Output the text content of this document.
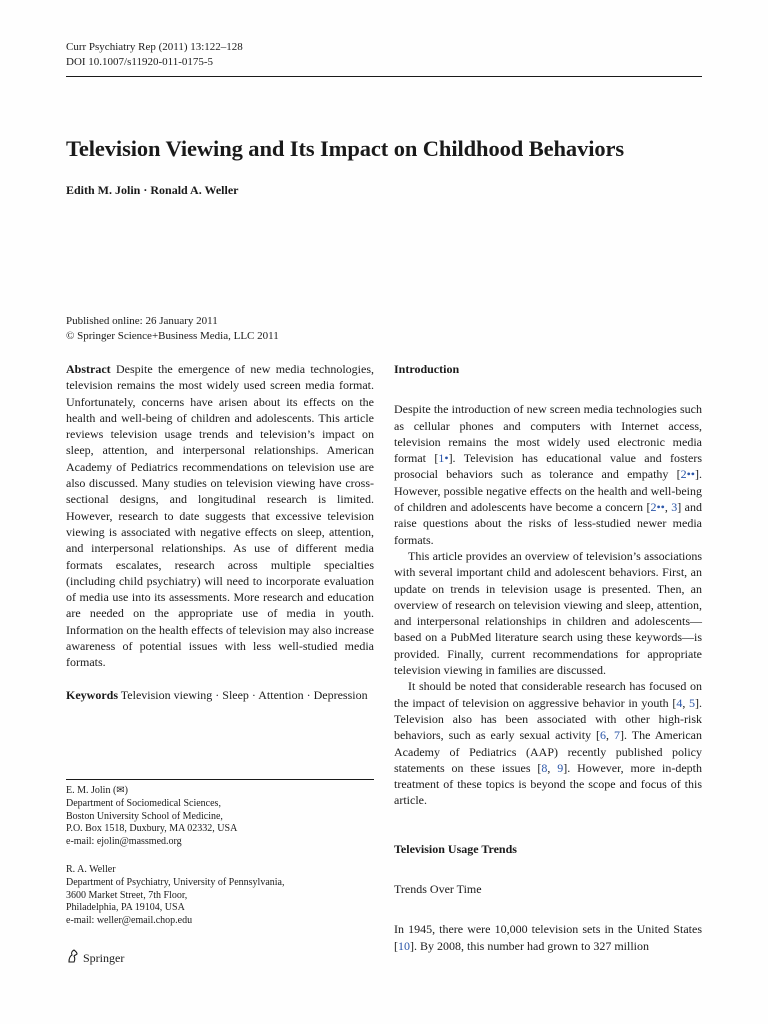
Curr Psychiatry Rep (2011) 13:122–128
DOI 10.1007/s11920-011-0175-5
Television Viewing and Its Impact on Childhood Behaviors
Edith M. Jolin · Ronald A. Weller
Published online: 26 January 2011
© Springer Science+Business Media, LLC 2011

Abstract Despite the emergence of new media technologies, television remains the most widely used screen media format. Unfortunately, concerns have arisen about its effects on the health and well-being of children and adolescents. This article reviews television usage trends and television’s impact on sleep, attention, and interpersonal relationships. American Academy of Pediatrics recommendations on television use are also discussed. Many studies on television viewing have cross-sectional designs, and longitudinal research is limited. However, research to date suggests that excessive television viewing is associated with negative effects on sleep, attention, and interpersonal relationships. As use of different media formats escalates, research across multiple specialties (including child psychiatry) will need to incorporate evaluation of media use into its assessments. More research and education are needed on the appropriate use of media in youth. Information on the health effects of television may also increase awareness of potential issues with less well-studied media formats.

Keywords Television viewing · Sleep · Attention · Depression

E. M. Jolin (✉)

Department of Sociomedical Sciences,

Boston University School of Medicine,

P.O. Box 1518, Duxbury, MA 02332, USA

e-mail: ejolin@massmed.org

R. A. Weller

Department of Psychiatry, University of Pennsylvania,

3600 Market Street, 7th Floor,

Philadelphia, PA 19104, USA

e-mail: weller@email.chop.edu

Introduction

Despite the introduction of new screen media technologies such as cellular phones and computers with Internet access, television remains the most widely used electronic media format [1•]. Television has educational value and fosters prosocial behaviors such as tolerance and empathy [2••]. However, possible negative effects on the health and well-being of children and adolescents have become a concern [2••, 3] and raise questions about the risks of less-studied newer media formats.

This article provides an overview of television’s associations with several important child and adolescent behaviors. First, an update on trends in television usage is presented. Then, an overview of research on television viewing and sleep, attention, and interpersonal relationships in children and adolescents—based on a PubMed literature search using these keywords—is provided. Finally, current recommendations for appropriate television viewing in families are discussed.

It should be noted that considerable research has focused on the impact of television on aggressive behavior in youth [4, 5]. Television also has been associated with other high-risk behaviors, such as early sexual activity [6, 7]. The American Academy of Pediatrics (AAP) recently published policy statements on these issues [8, 9]. However, more in-depth treatment of these topics is beyond the scope and focus of this article.

Television Usage Trends

Trends Over Time

In 1945, there were 10,000 television sets in the United States [10]. By 2008, this number had grown to 327 million

Springer
